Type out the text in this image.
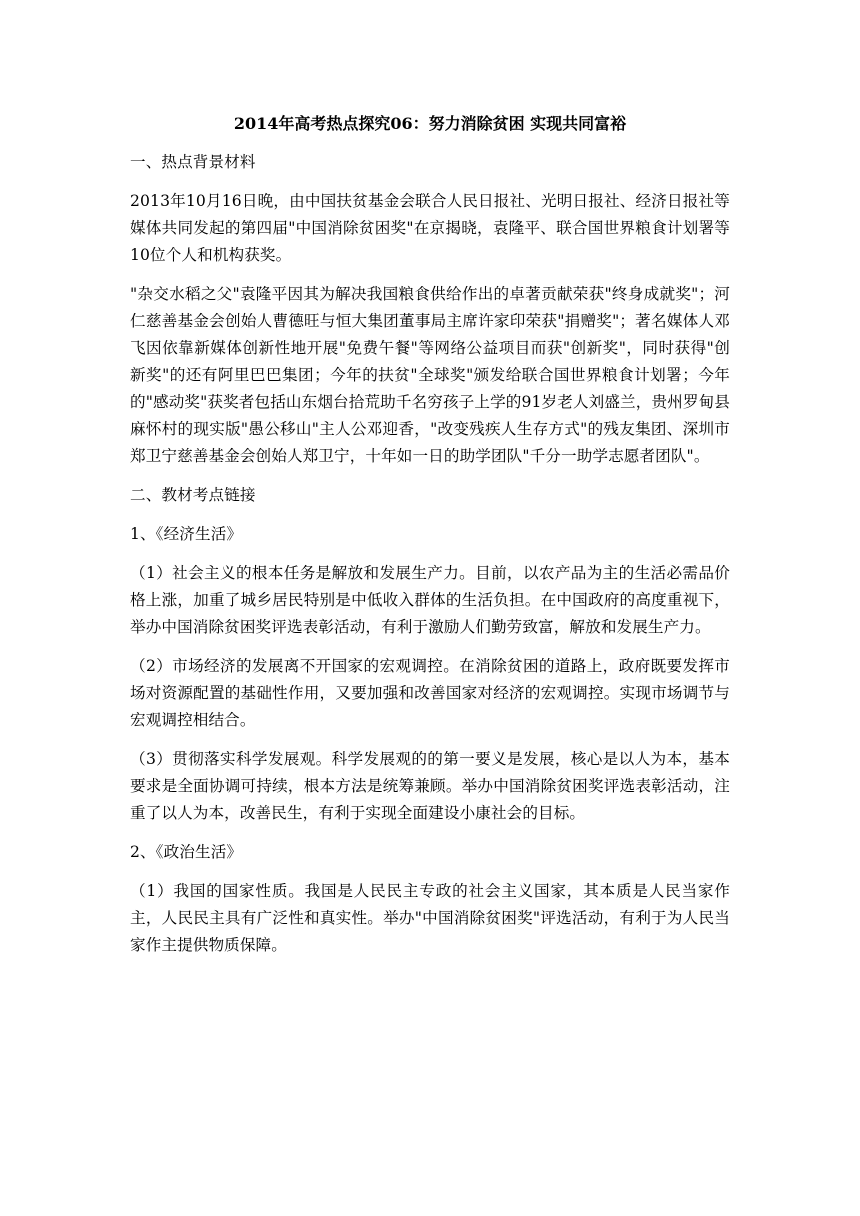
2014年高考热点探究06：努力消除贫困 实现共同富裕

一、热点背景材料

2013年10月16日晚，由中国扶贫基金会联合人民日报社、光明日报社、经济日报社等媒体共同发起的第四届"中国消除贫困奖"在京揭晓，袁隆平、联合国世界粮食计划署等10位个人和机构获奖。

"杂交水稻之父"袁隆平因其为解决我国粮食供给作出的卓著贡献荣获"终身成就奖"；河仁慈善基金会创始人曹德旺与恒大集团董事局主席许家印荣获"捐赠奖"；著名媒体人邓飞因依靠新媒体创新性地开展"免费午餐"等网络公益项目而获"创新奖"，同时获得"创新奖"的还有阿里巴巴集团；今年的扶贫"全球奖"颁发给联合国世界粮食计划署；今年的"感动奖"获奖者包括山东烟台拾荒助千名穷孩子上学的91岁老人刘盛兰，贵州罗甸县麻怀村的现实版"愚公移山"主人公邓迎香，"改变残疾人生存方式"的残友集团、深圳市郑卫宁慈善基金会创始人郑卫宁，十年如一日的助学团队"千分一助学志愿者团队"。

二、教材考点链接

1、《经济生活》

（1）社会主义的根本任务是解放和发展生产力。目前，以农产品为主的生活必需品价格上涨，加重了城乡居民特别是中低收入群体的生活负担。在中国政府的高度重视下，举办中国消除贫困奖评选表彰活动，有利于激励人们勤劳致富，解放和发展生产力。

（2）市场经济的发展离不开国家的宏观调控。在消除贫困的道路上，政府既要发挥市场对资源配置的基础性作用，又要加强和改善国家对经济的宏观调控。实现市场调节与宏观调控相结合。

（3）贯彻落实科学发展观。科学发展观的的第一要义是发展，核心是以人为本，基本要求是全面协调可持续，根本方法是统筹兼顾。举办中国消除贫困奖评选表彰活动，注重了以人为本，改善民生，有利于实现全面建设小康社会的目标。

2、《政治生活》

（1）我国的国家性质。我国是人民民主专政的社会主义国家，其本质是人民当家作主，人民民主具有广泛性和真实性。举办"中国消除贫困奖"评选活动，有利于为人民当家作主提供物质保障。
